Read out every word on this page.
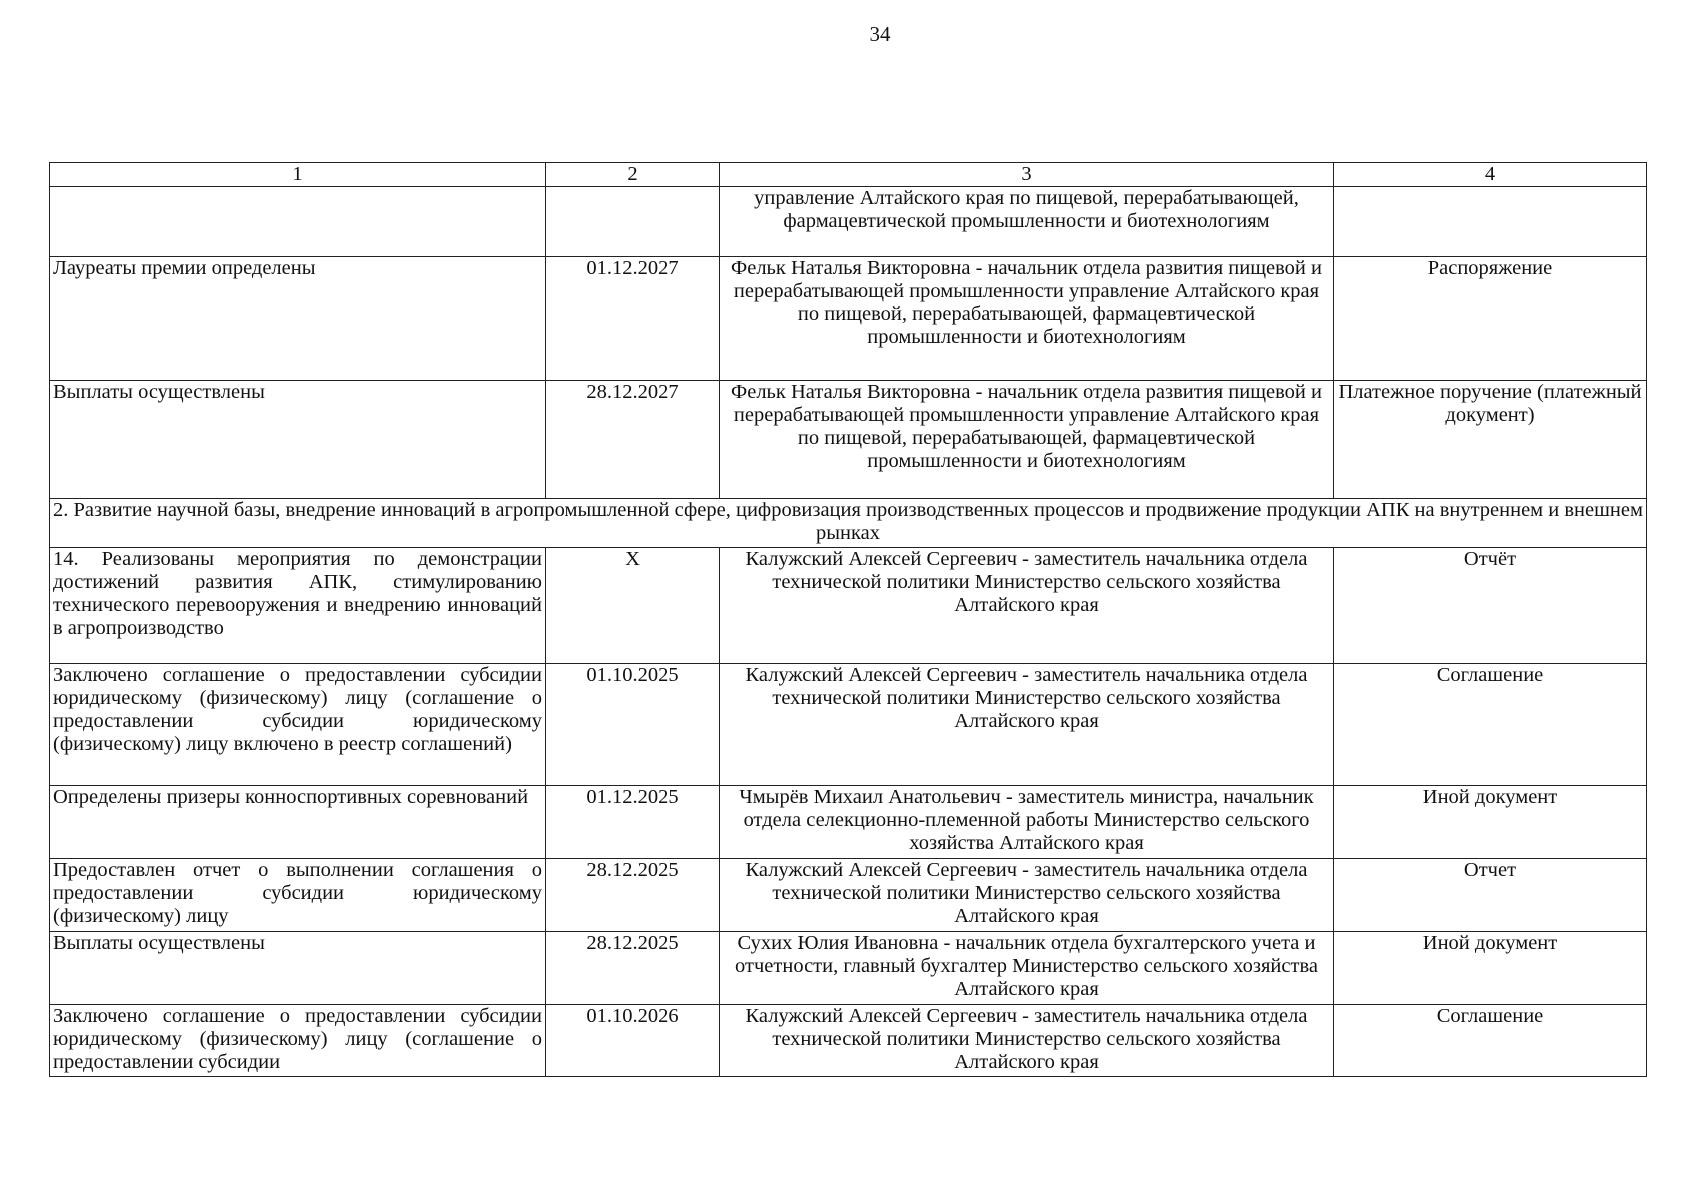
34
1	2	3	4
		управление Алтайского края по пищевой, перерабатывающей, фармацевтической промышленности и биотехнологиям	
Лауреаты премии определены	01.12.2027	Фельк Наталья Викторовна - начальник отдела развития пищевой и перерабатывающей промышленности управление Алтайского края по пищевой, перерабатывающей, фармацевтической промышленности и биотехнологиям	Распоряжение
Выплаты осуществлены	28.12.2027	Фельк Наталья Викторовна - начальник отдела развития пищевой и перерабатывающей промышленности управление Алтайского края по пищевой, перерабатывающей, фармацевтической промышленности и биотехнологиям	Платежное поручение (платежный документ)
2. Развитие научной базы, внедрение инноваций в агропромышленной сфере, цифровизация производственных процессов и продвижение продукции АПК на внутреннем и внешнем рынках			
14. Реализованы мероприятия по демонстрации достижений развития АПК, стимулированию технического перевооружения и внедрению инноваций в агропроизводство	X	Калужский Алексей Сергеевич - заместитель начальника отдела технической политики Министерство сельского хозяйства Алтайского края	Отчёт
Заключено соглашение о предоставлении субсидии юридическому (физическому) лицу (соглашение о предоставлении субсидии юридическому (физическому) лицу включено в реестр соглашений)	01.10.2025	Калужский Алексей Сергеевич - заместитель начальника отдела технической политики Министерство сельского хозяйства Алтайского края	Соглашение
Определены призеры конноспортивных соревнований	01.12.2025	Чмырёв Михаил Анатольевич - заместитель министра, начальник отдела селекционно-племенной работы Министерство сельского хозяйства Алтайского края	Иной документ
Предоставлен отчет о выполнении соглашения о предоставлении субсидии юридическому (физическому) лицу	28.12.2025	Калужский Алексей Сергеевич - заместитель начальника отдела технической политики Министерство сельского хозяйства Алтайского края	Отчет
Выплаты осуществлены	28.12.2025	Сухих Юлия Ивановна - начальник отдела бухгалтерского учета и отчетности, главный бухгалтер Министерство сельского хозяйства Алтайского края	Иной документ
Заключено соглашение о предоставлении субсидии юридическому (физическому) лицу (соглашение о предоставлении субсидии	01.10.2026	Калужский Алексей Сергеевич - заместитель начальника отдела технической политики Министерство сельского хозяйства Алтайского края	Соглашение
